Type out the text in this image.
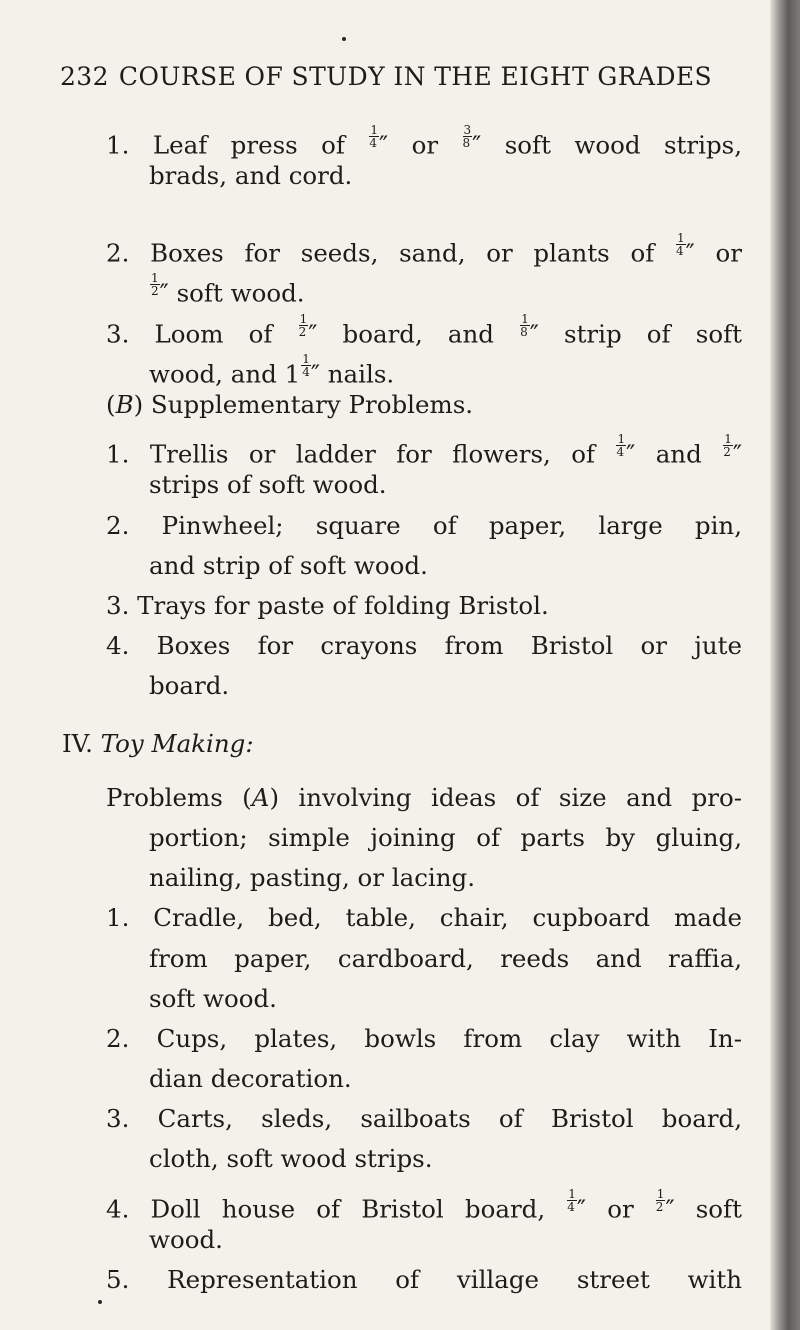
232 COURSE OF STUDY IN THE EIGHT GRADES
1. Leaf press of $\frac{1}{4}$ ″ or $\frac{3}{8}$ ″ soft wood strips,
brads, and cord.
2. Boxes for seeds, sand, or plants of $\frac{1}{4}$ ″ or
$\frac{1}{2}$ ″ soft wood.
3. Loom of $\frac{1}{2}$ ″ board, and $\frac{1}{8}$ ″ strip of soft
wood, and $1 \frac{1}{4}$ ″ nails.
(B) Supplementary Problems.
1. Trellis or ladder for flowers, of $\frac{1}{4}$ ″ and $\frac{1}{2}$ ″
strips of soft wood.
2. Pinwheel; square of paper, large pin,
and strip of soft wood.
3. Trays for paste of folding Bristol.
4. Boxes for crayons from Bristol or jute
board.
IV. Toy Making:
Problems (A) involving ideas of size and pro-
portion; simple joining of parts by gluing,
nailing, pasting, or lacing.
1. Cradle, bed, table, chair, cupboard made
from paper, cardboard, reeds and raffia,
soft wood.
2. Cups, plates, bowls from clay with In-
dian decoration.
3. Carts, sleds, sailboats of Bristol board,
cloth, soft wood strips.
4. Doll house of Bristol board, $\frac{1}{4}$ ″ or $\frac{1}{2}$ ″ soft
wood.
5. Representation of village street with
